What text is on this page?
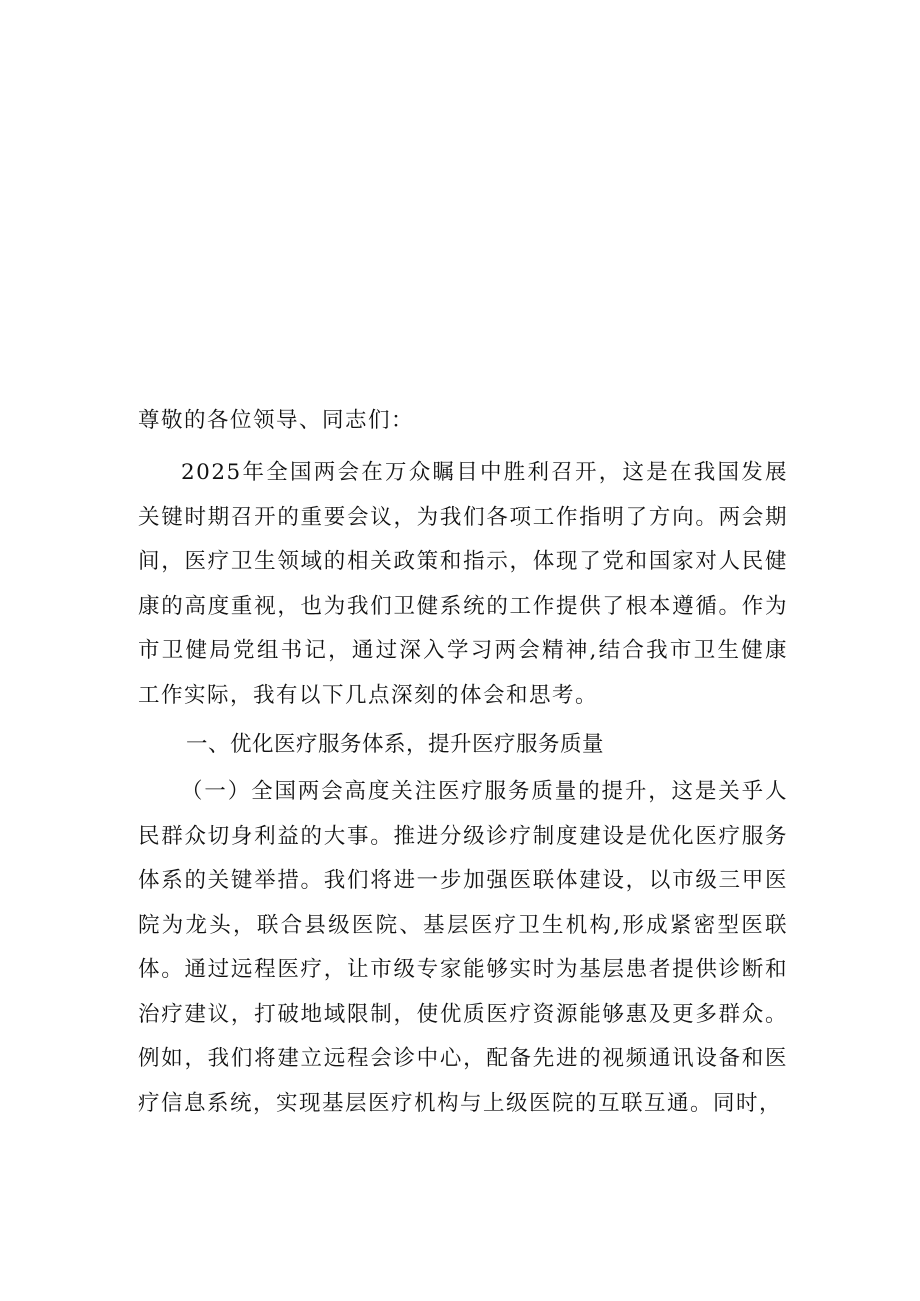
尊敬的各位领导、同志们：

2025年全国两会在万众瞩目中胜利召开，这是在我国发展关键时期召开的重要会议，为我们各项工作指明了方向。两会期间，医疗卫生领域的相关政策和指示，体现了党和国家对人民健康的高度重视，也为我们卫健系统的工作提供了根本遵循。作为市卫健局党组书记，通过深入学习两会精神,结合我市卫生健康工作实际，我有以下几点深刻的体会和思考。

一、优化医疗服务体系，提升医疗服务质量

（一）全国两会高度关注医疗服务质量的提升，这是关乎人民群众切身利益的大事。推进分级诊疗制度建设是优化医疗服务体系的关键举措。我们将进一步加强医联体建设，以市级三甲医院为龙头，联合县级医院、基层医疗卫生机构,形成紧密型医联体。通过远程医疗，让市级专家能够实时为基层患者提供诊断和治疗建议，打破地域限制，使优质医疗资源能够惠及更多群众。例如，我们将建立远程会诊中心，配备先进的视频通讯设备和医疗信息系统，实现基层医疗机构与上级医院的互联互通。同时，
